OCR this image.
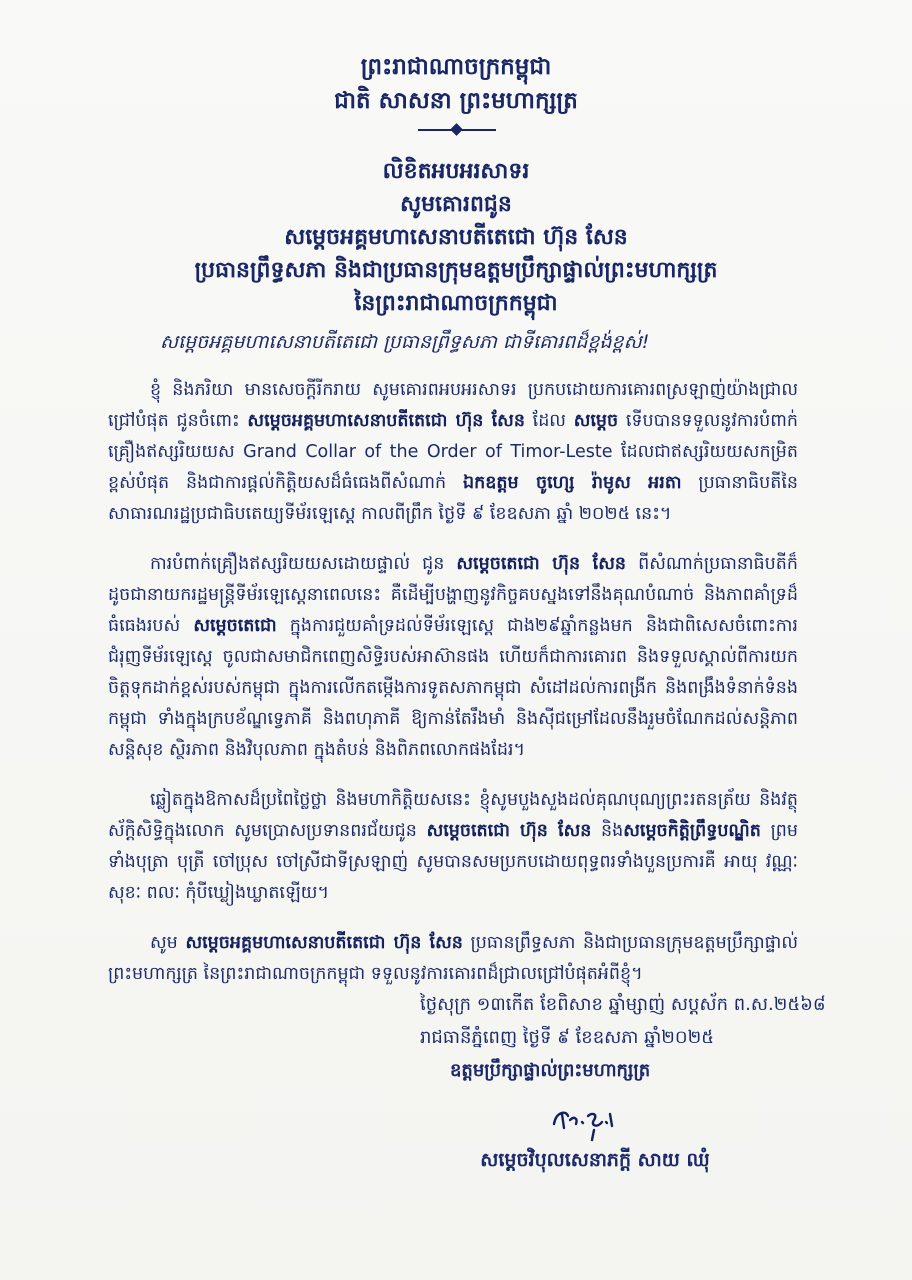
ព្រះរាជាណាចក្រកម្ពុជា
ជាតិ សាសនា ព្រះមហាក្សត្រ
លិខិតអបអរសាទរ
សូមគោរពជូន
សម្ដេចអគ្គមហាសេនាបតីតេជោ ហ៊ុន សែន
ប្រធានព្រឹទ្ធសភា និងជាប្រធានក្រុមឧត្តមប្រឹក្សាផ្ទាល់ព្រះមហាក្សត្រ
នៃព្រះរាជាណាចក្រកម្ពុជា
សម្ដេចអគ្គមហាសេនាបតីតេជោ ប្រធានព្រឹទ្ធសភា ជាទីគោរពដ៏ខ្ពង់ខ្ពស់!

ខ្ញុំ និងភរិយា មានសេចក្ដីរីករាយ សូមគោរពអបអរសាទរ ប្រកបដោយការគោរពស្រឡាញ់យ៉ាងជ្រាលជ្រៅបំផុត ជូនចំពោះ សម្ដេចអគ្គមហាសេនាបតីតេជោ ហ៊ុន សែន ដែល សម្ដេច ទើបបានទទួលនូវការបំពាក់គ្រឿងឥស្សរិយយស Grand Collar of the Order of Timor-Leste ដែលជាឥស្សរិយយសកម្រិតខ្ពស់បំផុត និងជាការផ្ដល់កិត្តិយសដ៏ធំធេងពីសំណាក់ ឯកឧត្ដម ចូហ្សេ រ៉ាមូស អរតា ប្រធានាធិបតីនៃសាធារណរដ្ឋប្រជាធិបតេយ្យទីម័រឡេស្ដេ កាលពីព្រឹក ថ្ងៃទី ៩ ខែឧសភា ឆ្នាំ ២០២៥ នេះ។

ការបំពាក់គ្រឿងឥស្សរិយយសដោយផ្ទាល់ ជូន សម្ដេចតេជោ ហ៊ុន សែន ពីសំណាក់ប្រធានាធិបតីក៏ដូចជានាយករដ្ឋមន្ត្រីទីម័រឡេស្ដេនាពេលនេះ គឺដើម្បីបង្ហាញនូវកិច្ចគបស្នងទៅនឹងគុណបំណាច់ និងភាពគាំទ្រដ៏ធំធេងរបស់ សម្ដេចតេជោ ក្នុងការជួយគាំទ្រដល់ទីម័រឡេស្ដេ ជាង២៩ឆ្នាំកន្លងមក និងជាពិសេសចំពោះការជំរុញទីម័រឡេស្ដេ ចូលជាសមាជិកពេញសិទ្ធិរបស់អាស៊ានផង ហើយក៏ជាការគោរព និងទទួលស្គាល់ពីការយកចិត្តទុកដាក់ខ្ពស់របស់កម្ពុជា ក្នុងការលើកតម្កើងការទូតសភាកម្ពុជា សំដៅដល់ការពង្រីក និងពង្រឹងទំនាក់ទំនងកម្ពុជា ទាំងក្នុងក្របខ័ណ្ឌទ្វេភាគី និងពហុភាគី ឱ្យកាន់តែរឹងមាំ និងស៊ីជម្រៅដែលនឹងរួមចំណែកដល់សន្តិភាព សន្តិសុខ ស្ថិរភាព និងវិបុលភាព ក្នុងតំបន់ និងពិភពលោកផងដែរ។

ឆ្លៀតក្នុងឱកាសដ៏ប្រពៃថ្លៃថ្លា និងមហាកិត្តិយសនេះ ខ្ញុំសូមបួងសួងដល់គុណបុណ្យព្រះរតនត្រ័យ និងវត្ថុស័ក្តិសិទ្ធិក្នុងលោក សូមប្រោសប្រទានពរជ័យជូន សម្ដេចតេជោ ហ៊ុន សែន និងសម្ដេចកិត្តិព្រឹទ្ធបណ្ឌិត ព្រមទាំងបុត្រា បុត្រី ចៅប្រុស ចៅស្រីជាទីស្រឡាញ់ សូមបានសមប្រកបដោយពុទ្ធពរទាំងបួនប្រការគឺ អាយុ វណ្ណៈ សុខៈ ពលៈ កុំបីឃ្លៀងឃ្លាតឡើយ។

សូម សម្ដេចអគ្គមហាសេនាបតីតេជោ ហ៊ុន សែន ប្រធានព្រឹទ្ធសភា និងជាប្រធានក្រុមឧត្តមប្រឹក្សាផ្ទាល់ព្រះមហាក្សត្រ នៃព្រះរាជាណាចក្រកម្ពុជា ទទួលនូវការគោរពដ៏ជ្រាលជ្រៅបំផុតអំពីខ្ញុំ។

ថ្ងៃសុក្រ ១៣កើត ខែពិសាខ ឆ្នាំម្សាញ់ សប្តស័ក ព.ស.២៥៦៨
រាជធានីភ្នំពេញ ថ្ងៃទី ៩ ខែឧសភា ឆ្នាំ២០២៥
ឧត្តមប្រឹក្សាផ្ទាល់ព្រះមហាក្សត្រ
សម្ដេចវិបុលសេនាភក្ដី សាយ ឈុំ
